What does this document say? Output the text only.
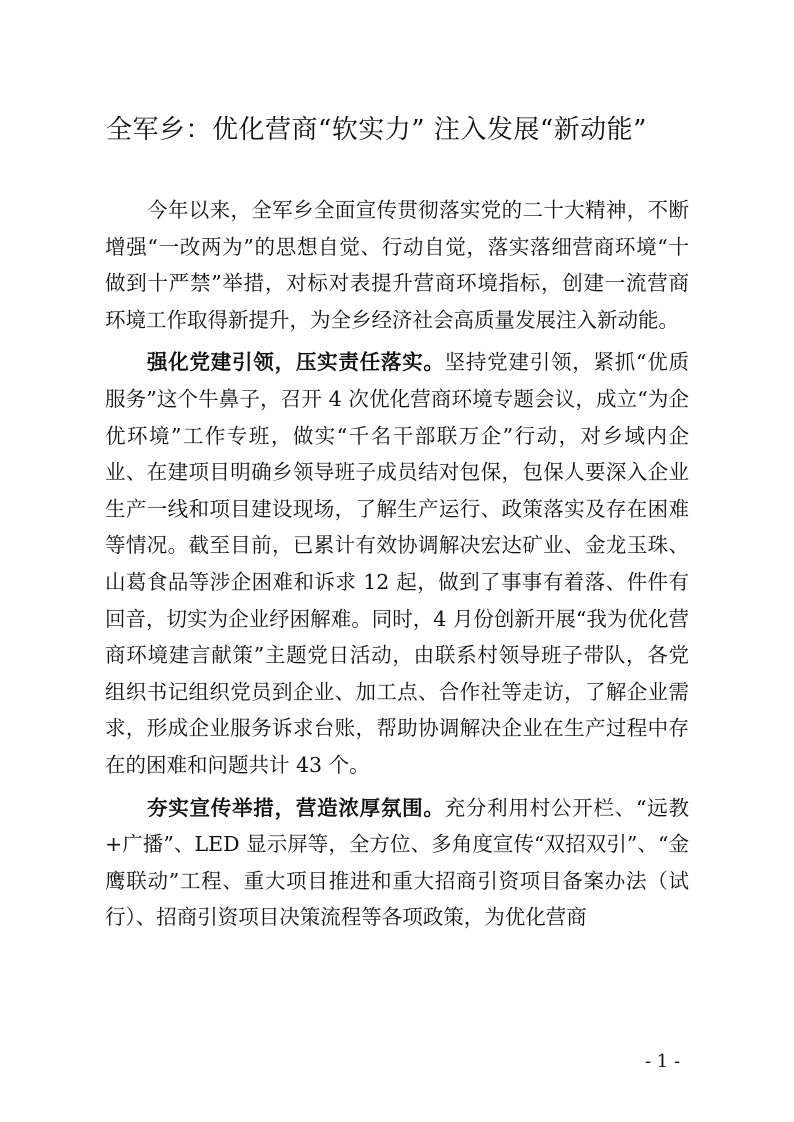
全军乡：优化营商“软实力” 注入发展“新动能”

今年以来，全军乡全面宣传贯彻落实党的二十大精神，不断增强“一改两为”的思想自觉、行动自觉，落实落细营商环境“十做到十严禁”举措，对标对表提升营商环境指标，创建一流营商环境工作取得新提升，为全乡经济社会高质量发展注入新动能。

强化党建引领，压实责任落实。坚持党建引领，紧抓“优质服务”这个牛鼻子，召开 4 次优化营商环境专题会议，成立“为企优环境”工作专班，做实“千名干部联万企”行动，对乡域内企业、在建项目明确乡领导班子成员结对包保，包保人要深入企业生产一线和项目建设现场，了解生产运行、政策落实及存在困难等情况。截至目前，已累计有效协调解决宏达矿业、金龙玉珠、山葛食品等涉企困难和诉求 12 起，做到了事事有着落、件件有回音，切实为企业纾困解难。同时，4 月份创新开展“我为优化营商环境建言献策”主题党日活动，由联系村领导班子带队，各党组织书记组织党员到企业、加工点、合作社等走访，了解企业需求，形成企业服务诉求台账，帮助协调解决企业在生产过程中存在的困难和问题共计 43 个。

夯实宣传举措，营造浓厚氛围。充分利用村公开栏、“远教+广播”、LED 显示屏等，全方位、多角度宣传“双招双引”、“金鹰联动”工程、重大项目推进和重大招商引资项目备案办法（试行）、招商引资项目决策流程等各项政策，为优化营商

- 1 -
